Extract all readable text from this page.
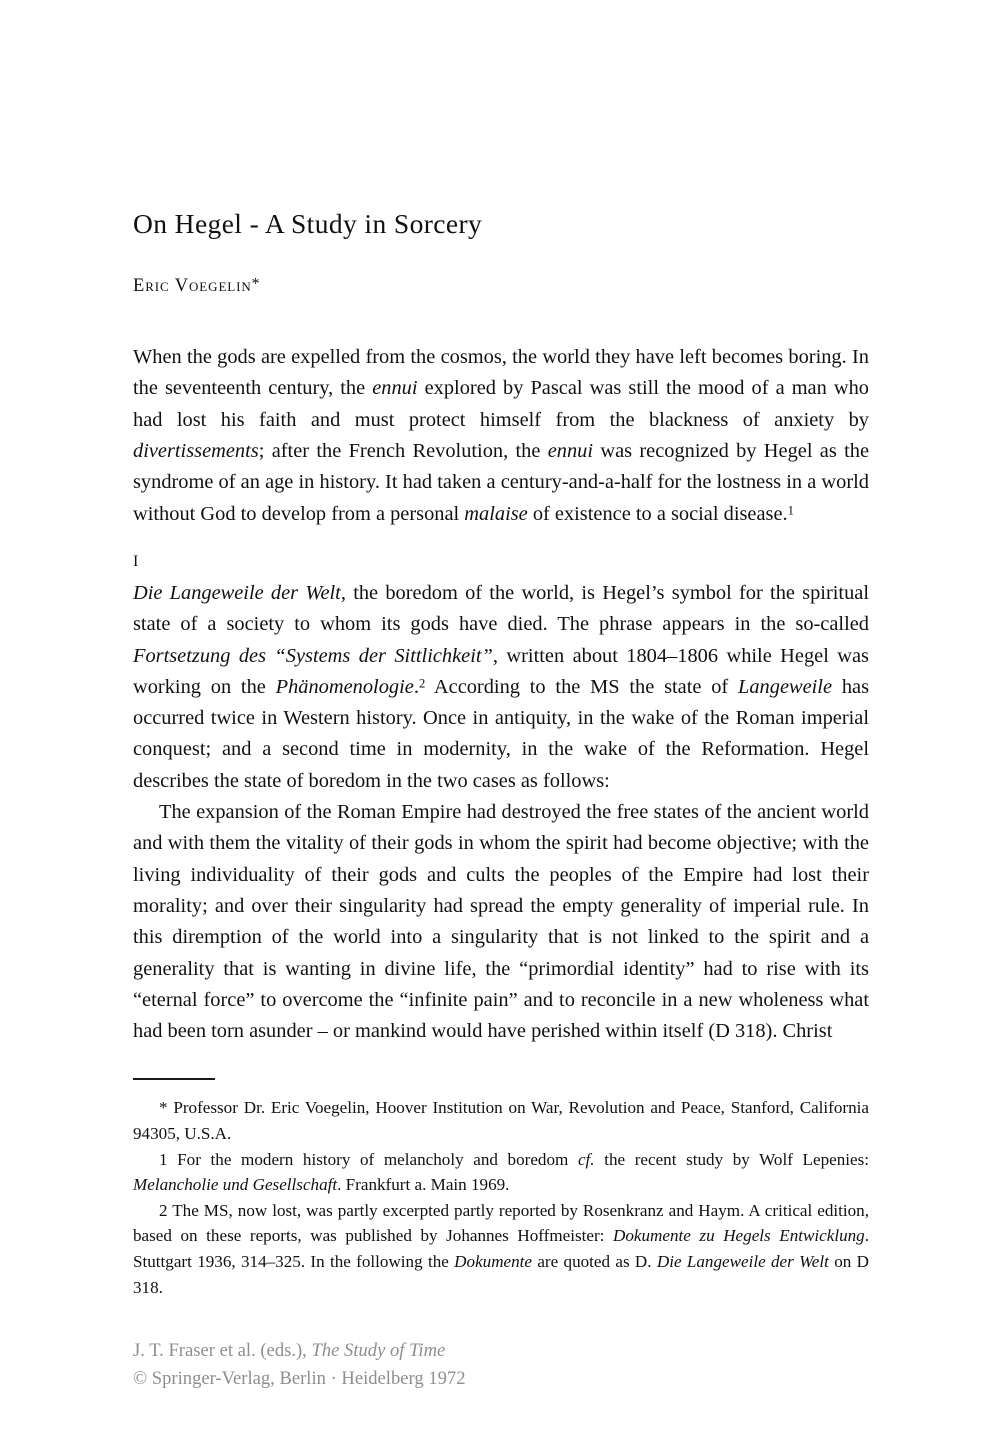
On Hegel - A Study in Sorcery

Eric Voegelin*

When the gods are expelled from the cosmos, the world they have left becomes boring. In the seventeenth century, the ennui explored by Pascal was still the mood of a man who had lost his faith and must protect himself from the blackness of anxiety by divertissements; after the French Revolution, the ennui was recognized by Hegel as the syndrome of an age in history. It had taken a century-and-a-half for the lostness in a world without God to develop from a personal malaise of existence to a social disease.$^1$

I

Die Langeweile der Welt, the boredom of the world, is Hegel’s symbol for the spiritual state of a society to whom its gods have died. The phrase appears in the so-called Fortsetzung des “Systems der Sittlichkeit”, written about 1804–1806 while Hegel was working on the Phänomenologie.$^2$ According to the MS the state of Langeweile has occurred twice in Western history. Once in antiquity, in the wake of the Roman imperial conquest; and a second time in modernity, in the wake of the Reformation. Hegel describes the state of boredom in the two cases as follows:

The expansion of the Roman Empire had destroyed the free states of the ancient world and with them the vitality of their gods in whom the spirit had become objective; with the living individuality of their gods and cults the peoples of the Empire had lost their morality; and over their singularity had spread the empty generality of imperial rule. In this diremption of the world into a singularity that is not linked to the spirit and a generality that is wanting in divine life, the “primordial identity” had to rise with its “eternal force” to overcome the “infinite pain” and to reconcile in a new wholeness what had been torn asunder – or mankind would have perished within itself (D 318). Christ

* Professor Dr. Eric Voegelin, Hoover Institution on War, Revolution and Peace, Stanford, California 94305, U.S.A.

1 For the modern history of melancholy and boredom cf. the recent study by Wolf Lepenies: Melancholie und Gesellschaft. Frankfurt a. Main 1969.

2 The MS, now lost, was partly excerpted partly reported by Rosenkranz and Haym. A critical edition, based on these reports, was published by Johannes Hoffmeister: Dokumente zu Hegels Entwicklung. Stuttgart 1936, 314–325. In the following the Dokumente are quoted as D. Die Langeweile der Welt on D 318.

J. T. Fraser et al. (eds.), The Study of Time
© Springer-Verlag, Berlin · Heidelberg 1972
